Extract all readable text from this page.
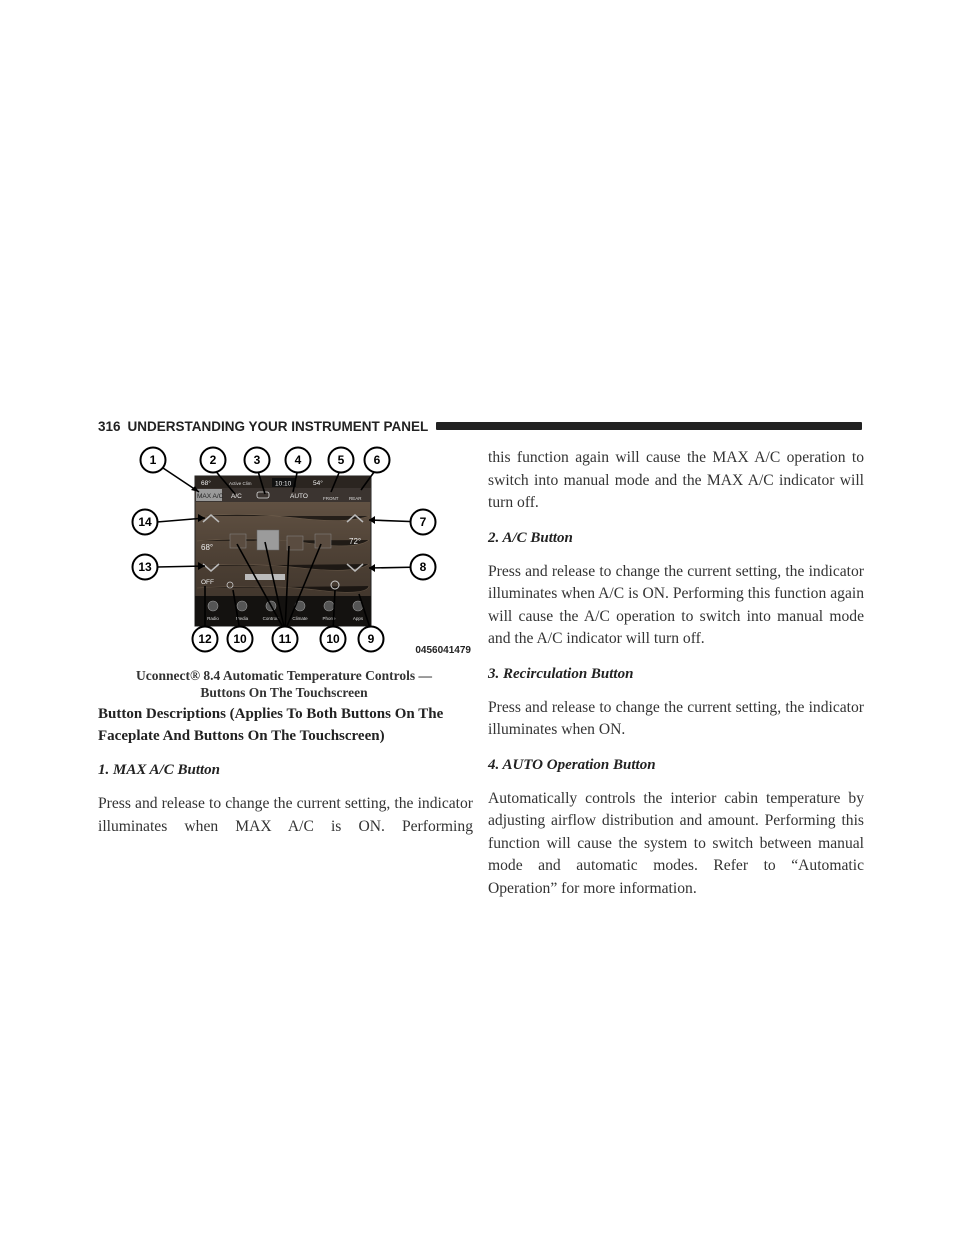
316 UNDERSTANDING YOUR INSTRUMENT PANEL
68°	Active Clim	10:10	54°
MAX A/C A/C	AUTO	FRONT REAR
68°
72°
OFF
Radio	Media	Controls	Climate	Phone	Apps
1	2	3	4	5 6
7
8
9
10
11
10
12
13
14
0456041479
Uconnect® 8.4 Automatic Temperature Controls —
Buttons On The Touchscreen

Button Descriptions (Applies To Both Buttons On The Faceplate And Buttons On The Touchscreen)

1. MAX A/C Button

Press and release to change the current setting, the indicator illuminates when MAX A/C is ON. Performing

this function again will cause the MAX A/C operation to switch into manual mode and the MAX A/C indicator will turn off.

2. A/C Button

Press and release to change the current setting, the indicator illuminates when A/C is ON. Performing this function again will cause the A/C operation to switch into manual mode and the A/C indicator will turn off.

3. Recirculation Button

Press and release to change the current setting, the indicator illuminates when ON.

4. AUTO Operation Button

Automatically controls the interior cabin temperature by adjusting airflow distribution and amount. Performing this function will cause the system to switch between manual mode and automatic modes. Refer to “Automatic Operation” for more information.
